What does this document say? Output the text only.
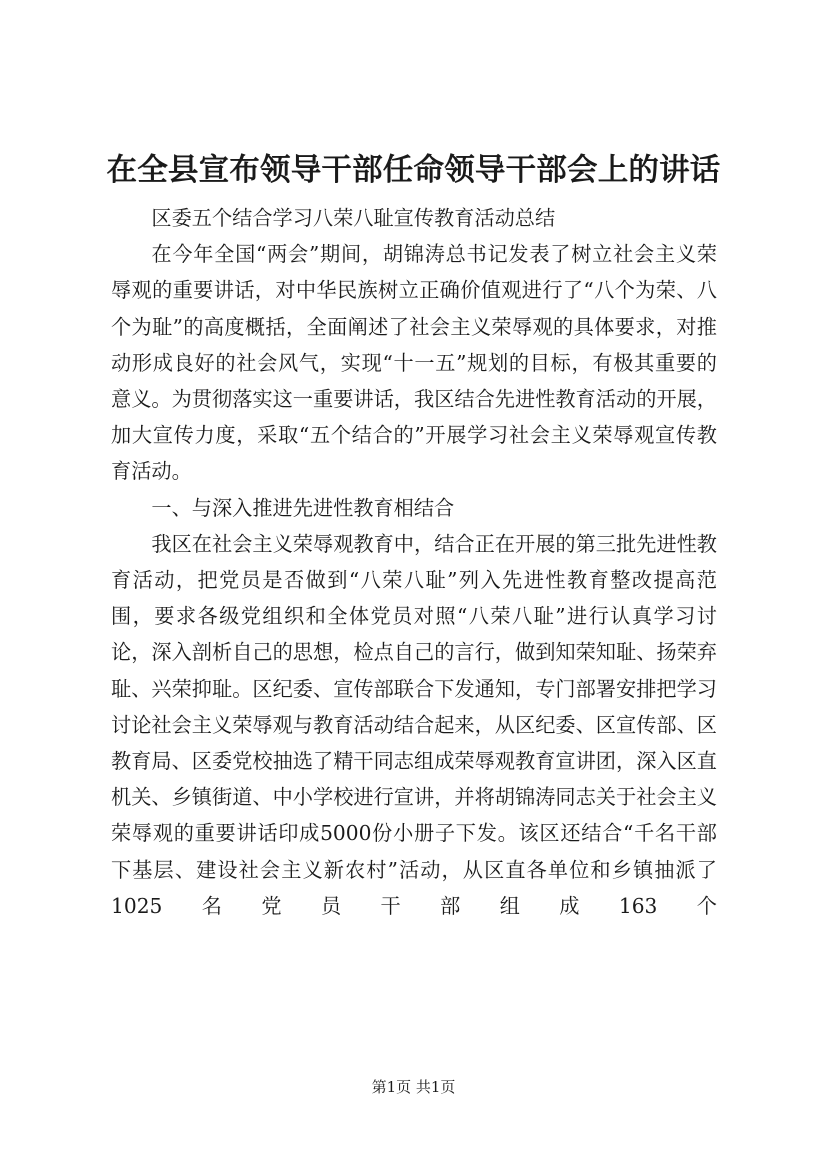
在全县宣布领导干部任命领导干部会上的讲话

区委五个结合学习八荣八耻宣传教育活动总结

在今年全国“两会”期间，胡锦涛总书记发表了树立社会主义荣辱观的重要讲话，对中华民族树立正确价值观进行了“八个为荣、八个为耻”的高度概括，全面阐述了社会主义荣辱观的具体要求，对推动形成良好的社会风气，实现“十一五”规划的目标，有极其重要的意义。为贯彻落实这一重要讲话，我区结合先进性教育活动的开展，加大宣传力度，采取“五个结合的”开展学习社会主义荣辱观宣传教育活动。

一、与深入推进先进性教育相结合

我区在社会主义荣辱观教育中，结合正在开展的第三批先进性教育活动，把党员是否做到“八荣八耻”列入先进性教育整改提高范围，要求各级党组织和全体党员对照“八荣八耻”进行认真学习讨论，深入剖析自己的思想，检点自己的言行，做到知荣知耻、扬荣弃耻、兴荣抑耻。区纪委、宣传部联合下发通知，专门部署安排把学习讨论社会主义荣辱观与教育活动结合起来，从区纪委、区宣传部、区教育局、区委党校抽选了精干同志组成荣辱观教育宣讲团，深入区直机关、乡镇街道、中小学校进行宣讲，并将胡锦涛同志关于社会主义荣辱观的重要讲话印成5000份小册子下发。该区还结合“千名干部下基层、建设社会主义新农村”活动，从区直各单位和乡镇抽派了1025名党员干部组成163个

第1页 共1页
